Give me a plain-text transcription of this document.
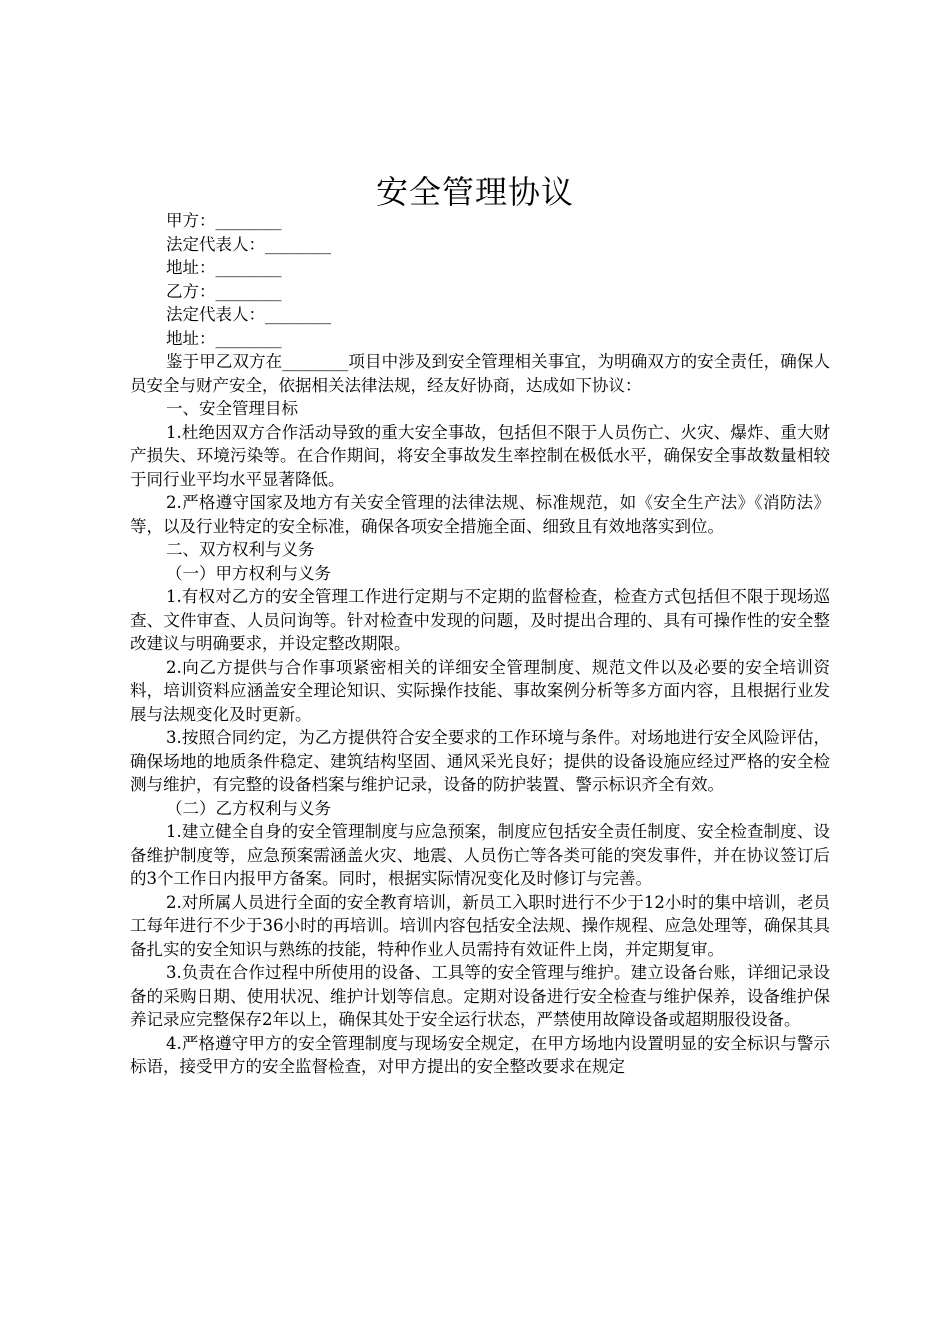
安全管理协议

甲方：________

法定代表人：________

地址：________

乙方：________

法定代表人：________

地址：________

鉴于甲乙双方在________项目中涉及到安全管理相关事宜，为明确双方的安全责任，确保人员安全与财产安全，依据相关法律法规，经友好协商，达成如下协议：

一、安全管理目标

1.杜绝因双方合作活动导致的重大安全事故，包括但不限于人员伤亡、火灾、爆炸、重大财产损失、环境污染等。在合作期间，将安全事故发生率控制在极低水平，确保安全事故数量相较于同行业平均水平显著降低。

2.严格遵守国家及地方有关安全管理的法律法规、标准规范，如《安全生产法》《消防法》等，以及行业特定的安全标准，确保各项安全措施全面、细致且有效地落实到位。

二、双方权利与义务

（一）甲方权利与义务

1.有权对乙方的安全管理工作进行定期与不定期的监督检查，检查方式包括但不限于现场巡查、文件审查、人员问询等。针对检查中发现的问题，及时提出合理的、具有可操作性的安全整改建议与明确要求，并设定整改期限。

2.向乙方提供与合作事项紧密相关的详细安全管理制度、规范文件以及必要的安全培训资料，培训资料应涵盖安全理论知识、实际操作技能、事故案例分析等多方面内容，且根据行业发展与法规变化及时更新。

3.按照合同约定，为乙方提供符合安全要求的工作环境与条件。对场地进行安全风险评估，确保场地的地质条件稳定、建筑结构坚固、通风采光良好；提供的设备设施应经过严格的安全检测与维护，有完整的设备档案与维护记录，设备的防护装置、警示标识齐全有效。

（二）乙方权利与义务

1.建立健全自身的安全管理制度与应急预案，制度应包括安全责任制度、安全检查制度、设备维护制度等，应急预案需涵盖火灾、地震、人员伤亡等各类可能的突发事件，并在协议签订后的3个工作日内报甲方备案。同时，根据实际情况变化及时修订与完善。

2.对所属人员进行全面的安全教育培训，新员工入职时进行不少于12小时的集中培训，老员工每年进行不少于36小时的再培训。培训内容包括安全法规、操作规程、应急处理等，确保其具备扎实的安全知识与熟练的技能，特种作业人员需持有效证件上岗，并定期复审。

3.负责在合作过程中所使用的设备、工具等的安全管理与维护。建立设备台账，详细记录设备的采购日期、使用状况、维护计划等信息。定期对设备进行安全检查与维护保养，设备维护保养记录应完整保存2年以上，确保其处于安全运行状态，严禁使用故障设备或超期服役设备。

4.严格遵守甲方的安全管理制度与现场安全规定，在甲方场地内设置明显的安全标识与警示标语，接受甲方的安全监督检查，对甲方提出的安全整改要求在规定
